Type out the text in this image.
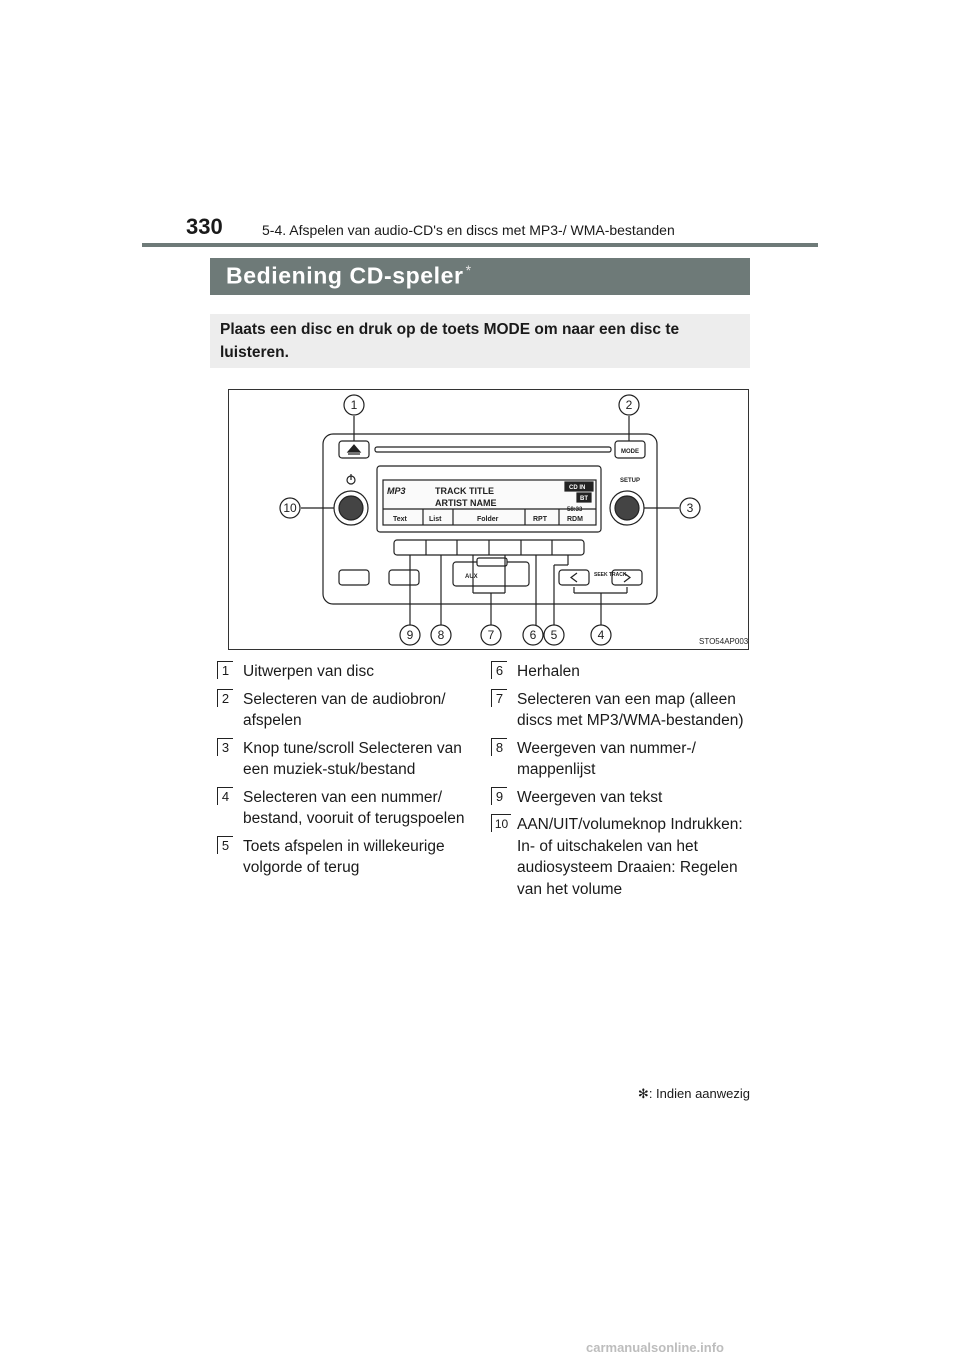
330	5-4. Afspelen van audio-CD's en discs met MP3-/ WMA-bestanden
Bediening CD-speler *
Plaats een disc en druk op de toets MODE om naar een disc te luisteren.
1	2
10	3
9 8	7	6 5	4
MODE
SETUP
AUX	SEEK TRACK
MP3	TRACK TITLE
ARTIST NAME
CD IN
BT
58:33
Text	List	Folder	RPT	RDM
STO54AP003
1 Uitwerpen van disc
2 Selecteren van de audiobron/ afspelen
3 Knop tune/scroll Selecteren van een muziek-stuk/bestand
4 Selecteren van een nummer/ bestand, vooruit of terugspoelen
5 Toets afspelen in willekeurige volgorde of terug
6 Herhalen
7 Selecteren van een map (alleen discs met MP3/WMA-bestanden)
8 Weergeven van nummer-/ mappenlijst
9 Weergeven van tekst
10 AAN/UIT/volumeknop Indrukken: In- of uitschakelen van het audiosysteem Draaien: Regelen van het volume
✻: Indien aanwezig
carmanualsonline.info
